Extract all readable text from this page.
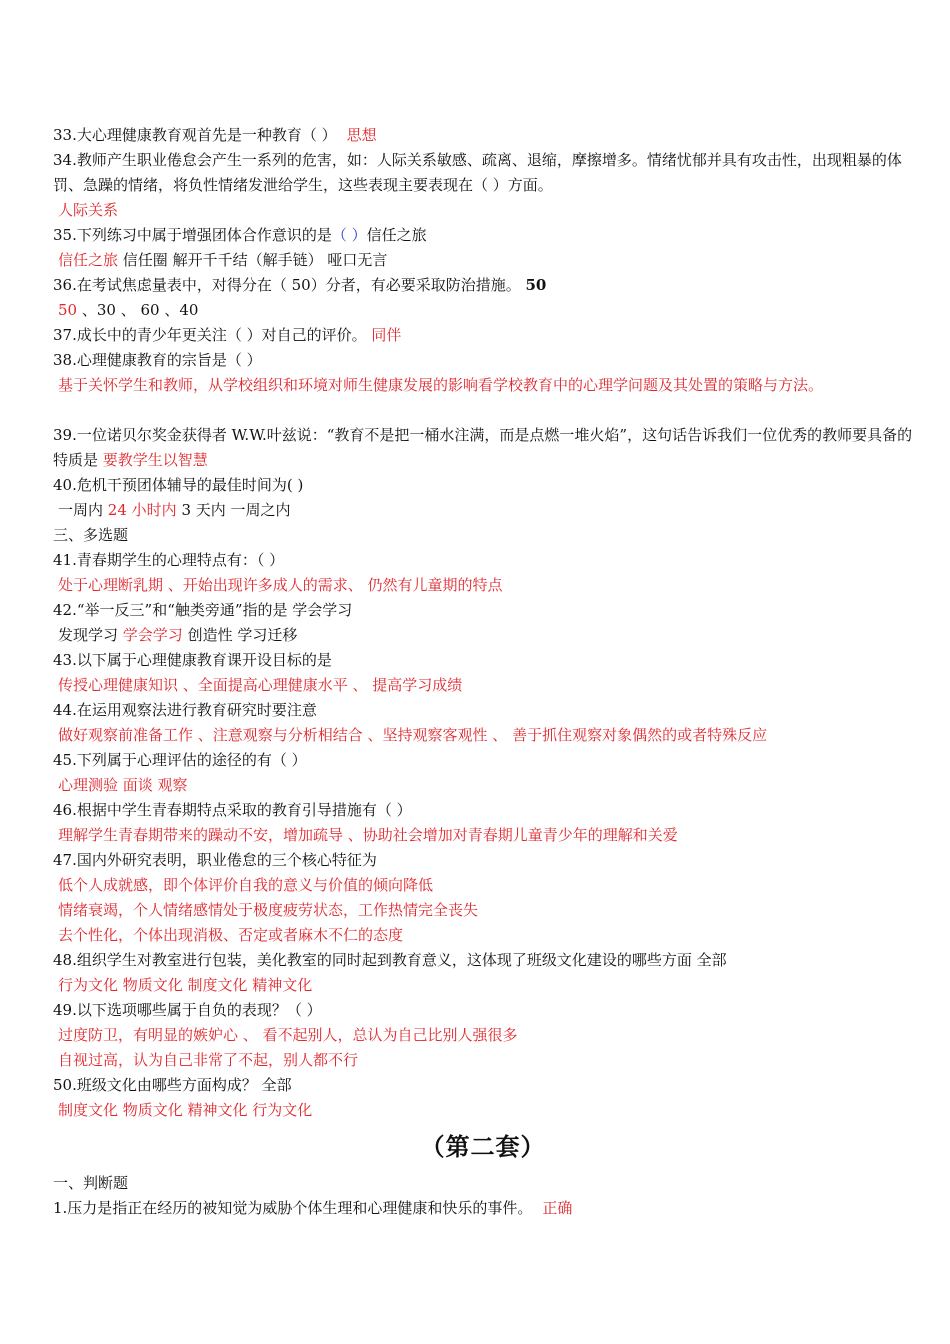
33.大心理健康教育观首先是一种教育（ ） 思想

34.教师产生职业倦怠会产生一系列的危害，如：人际关系敏感、疏离、退缩，摩擦增多。情绪忧郁并具有攻击性，出现粗暴的体罚、急躁的情绪，将负性情绪发泄给学生，这些表现主要表现在（ ）方面。

人际关系

35.下列练习中属于增强团体合作意识的是（ ）信任之旅

信任之旅 信任圈 解开千千结（解手链） 哑口无言

36.在考试焦虑量表中，对得分在（ 50）分者，有必要采取防治措施。 50

50 、30 、 60 、40

37.成长中的青少年更关注（ ）对自己的评价。 同伴

38.心理健康教育的宗旨是（ ）

基于关怀学生和教师，从学校组织和环境对师生健康发展的影响看学校教育中的心理学问题及其处置的策略与方法。

39.一位诺贝尔奖金获得者 W.W.叶兹说：“教育不是把一桶水注满，而是点燃一堆火焰”，这句话告诉我们一位优秀的教师要具备的特质是 要教学生以智慧

40.危机干预团体辅导的最佳时间为( )

一周内 24 小时内 3 天内 一周之内

三、多选题

41.青春期学生的心理特点有：（ ）

处于心理断乳期 、开始出现许多成人的需求、 仍然有儿童期的特点

42.“举一反三”和“触类旁通”指的是 学会学习

发现学习 学会学习 创造性 学习迁移

43.以下属于心理健康教育课开设目标的是

传授心理健康知识 、全面提高心理健康水平 、 提高学习成绩

44.在运用观察法进行教育研究时要注意

做好观察前准备工作 、注意观察与分析相结合 、坚持观察客观性 、 善于抓住观察对象偶然的或者特殊反应

45.下列属于心理评估的途径的有（ ）

心理测验 面谈 观察

46.根据中学生青春期特点采取的教育引导措施有（ ）

理解学生青春期带来的躁动不安，增加疏导 、协助社会增加对青春期儿童青少年的理解和关爱

47.国内外研究表明，职业倦怠的三个核心特征为

低个人成就感，即个体评价自我的意义与价值的倾向降低

情绪衰竭，个人情绪感情处于极度疲劳状态，工作热情完全丧失

去个性化，个体出现消极、否定或者麻木不仁的态度

48.组织学生对教室进行包装，美化教室的同时起到教育意义，这体现了班级文化建设的哪些方面 全部

行为文化 物质文化 制度文化 精神文化

49.以下选项哪些属于自负的表现？（ ）

过度防卫，有明显的嫉妒心 、 看不起别人，总认为自己比别人强很多

自视过高，认为自己非常了不起，别人都不行

50.班级文化由哪些方面构成？ 全部

制度文化 物质文化 精神文化 行为文化

（第二套）

一、判断题

1.压力是指正在经历的被知觉为威胁个体生理和心理健康和快乐的事件。 正确
